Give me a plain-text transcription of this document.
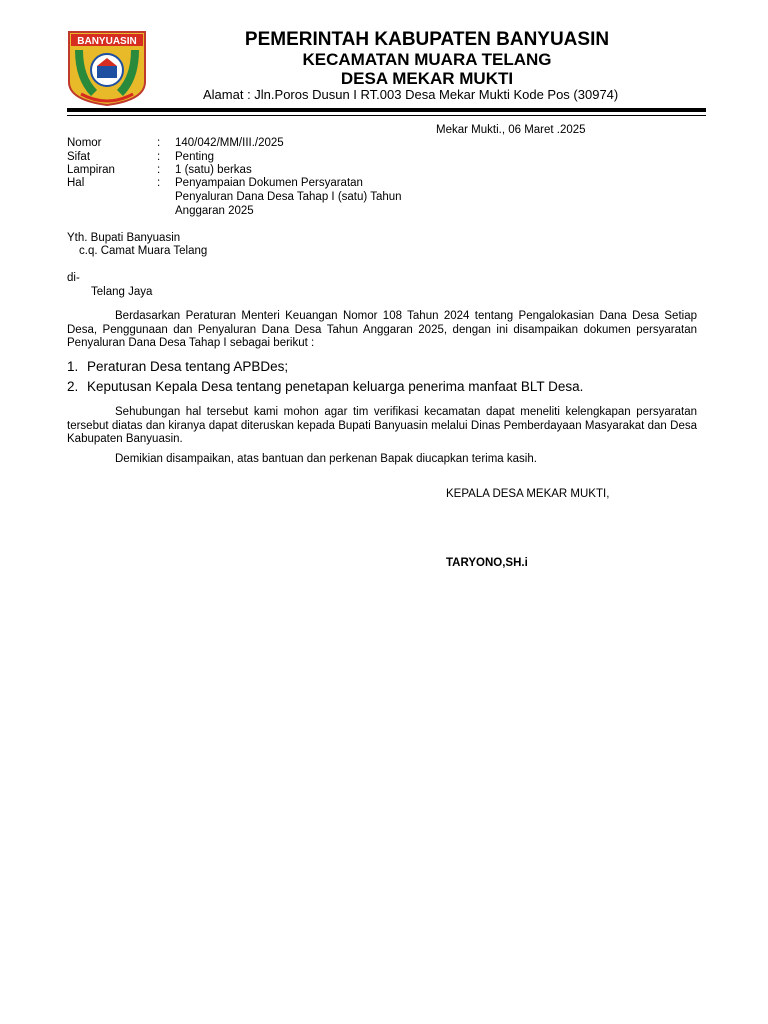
BANYUASIN	PEMERINTAH KABUPATEN BANYUASIN
KECAMATAN MUARA TELANG
DESA MEKAR MUKTI
Alamat : Jln.Poros Dusun I RT.003 Desa Mekar Mukti Kode Pos (30974)
Mekar Mukti., 06 Maret .2025
Nomor	: 140/042/MM/III./2025
Sifat	: Penting
Lampiran	: 1 (satu) berkas
Hal	: Penyampaian Dokumen Persyaratan
Penyaluran Dana Desa Tahap I (satu) Tahun
Anggaran 2025
Yth. Bupati Banyuasin
c.q. Camat Muara Telang
di-
Telang Jaya
Berdasarkan Peraturan Menteri Keuangan Nomor 108 Tahun 2024 tentang Pengalokasian Dana Desa Setiap Desa, Penggunaan dan Penyaluran Dana Desa Tahun Anggaran 2025, dengan ini disampaikan dokumen persyaratan Penyaluran Dana Desa Tahap I sebagai berikut :
1. Peraturan Desa tentang APBDes;
2. Keputusan Kepala Desa tentang penetapan keluarga penerima manfaat BLT Desa.
Sehubungan hal tersebut kami mohon agar tim verifikasi kecamatan dapat meneliti kelengkapan persyaratan tersebut diatas dan kiranya dapat diteruskan kepada Bupati Banyuasin melalui Dinas Pemberdayaan Masyarakat dan Desa Kabupaten Banyuasin.
Demikian disampaikan, atas bantuan dan perkenan Bapak diucapkan terima kasih.
KEPALA DESA MEKAR MUKTI,
TARYONO,SH.i
